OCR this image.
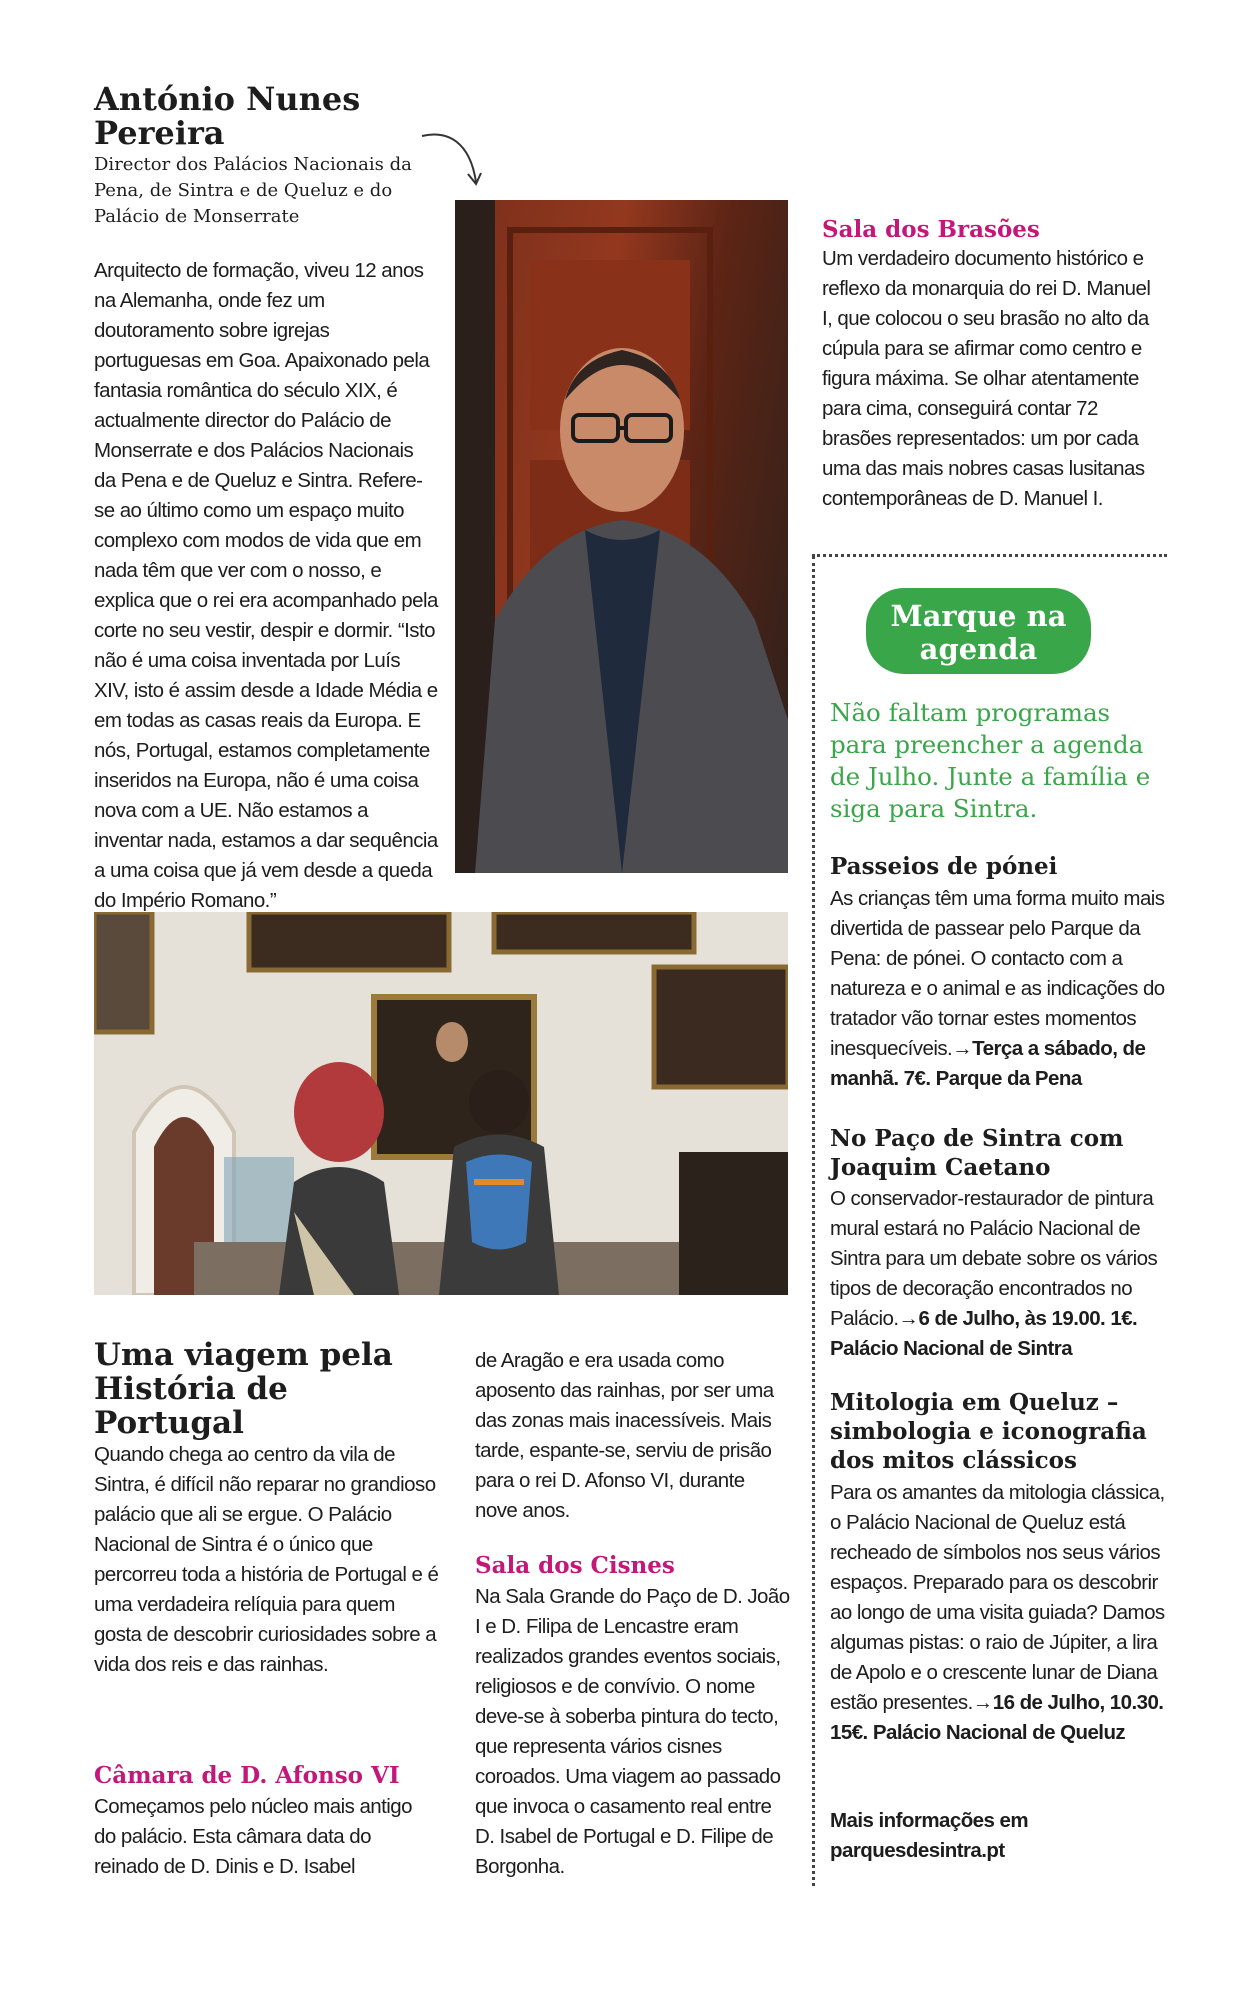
António Nunes Pereira
Director dos Palácios Nacionais da Pena, de Sintra e de Queluz e do Palácio de Monserrate

Arquitecto de formação, viveu 12 anos na Alemanha, onde fez um doutoramento sobre igrejas portuguesas em Goa. Apaixonado pela fantasia romântica do século XIX, é actualmente director do Palácio de Monserrate e dos Palácios Nacionais da Pena e de Queluz e Sintra. Refere-se ao último como um espaço muito complexo com modos de vida que em nada têm que ver com o nosso, e explica que o rei era acompanhado pela corte no seu vestir, despir e dormir. “Isto não é uma coisa inventada por Luís XIV, isto é assim desde a Idade Média e em todas as casas reais da Europa. E nós, Portugal, estamos completamente inseridos na Europa, não é uma coisa nova com a UE. Não estamos a inventar nada, estamos a dar sequência a uma coisa que já vem desde a queda do Império Romano.”

Sala dos Brasões

Um verdadeiro documento histórico e reflexo da monarquia do rei D. Manuel I, que colocou o seu brasão no alto da cúpula para se afirmar como centro e figura máxima. Se olhar atentamente para cima, conseguirá contar 72 brasões representados: um por cada uma das mais nobres casas lusitanas contemporâneas de D. Manuel I.

Marque na agenda

Não faltam programas para preencher a agenda de Julho. Junte a família e siga para Sintra.

Passeios de pónei

As crianças têm uma forma muito mais divertida de passear pelo Parque da Pena: de pónei. O contacto com a natureza e o animal e as indicações do tratador vão tornar estes momentos inesquecíveis.→Terça a sábado, de manhã. 7€. Parque da Pena

No Paço de Sintra com Joaquim Caetano

O conservador-restaurador de pintura mural estará no Palácio Nacional de Sintra para um debate sobre os vários tipos de decoração encontrados no Palácio.→6 de Julho, às 19.00. 1€. Palácio Nacional de Sintra

Mitologia em Queluz – simbologia e iconografia dos mitos clássicos

Para os amantes da mitologia clássica, o Palácio Nacional de Queluz está recheado de símbolos nos seus vários espaços. Preparado para os descobrir ao longo de uma visita guiada? Damos algumas pistas: o raio de Júpiter, a lira de Apolo e o crescente lunar de Diana estão presentes.→16 de Julho, 10.30. 15€. Palácio Nacional de Queluz

Mais informações em parquesdesintra.pt

Uma viagem pela História de Portugal

Quando chega ao centro da vila de Sintra, é difícil não reparar no grandioso palácio que ali se ergue. O Palácio Nacional de Sintra é o único que percorreu toda a história de Portugal e é uma verdadeira relíquia para quem gosta de descobrir curiosidades sobre a vida dos reis e das rainhas.

Câmara de D. Afonso VI

Começamos pelo núcleo mais antigo do palácio. Esta câmara data do reinado de D. Dinis e D. Isabel

de Aragão e era usada como aposento das rainhas, por ser uma das zonas mais inacessíveis. Mais tarde, espante-se, serviu de prisão para o rei D. Afonso VI, durante nove anos.

Sala dos Cisnes

Na Sala Grande do Paço de D. João I e D. Filipa de Lencastre eram realizados grandes eventos sociais, religiosos e de convívio. O nome deve-se à soberba pintura do tecto, que representa vários cisnes coroados. Uma viagem ao passado que invoca o casamento real entre D. Isabel de Portugal e D. Filipe de Borgonha.
